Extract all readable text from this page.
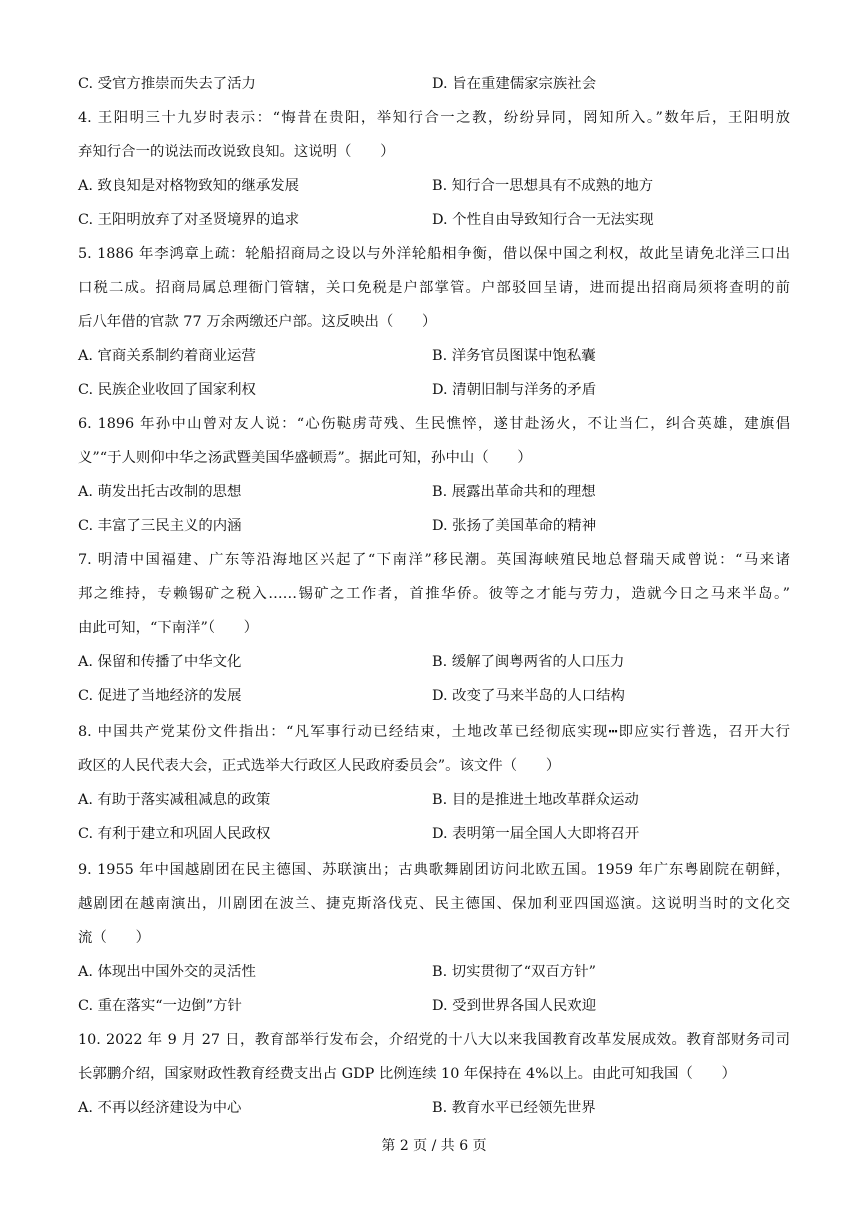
C. 受官方推崇而失去了活力	D. 旨在重建儒家宗族社会
4. 王阳明三十九岁时表示：“悔昔在贵阳，举知行合一之教，纷纷异同，罔知所入。”数年后，王阳明放
弃知行合一的说法而改说致良知。这说明（　　）
A. 致良知是对格物致知的继承发展	B. 知行合一思想具有不成熟的地方
C. 王阳明放弃了对圣贤境界的追求	D. 个性自由导致知行合一无法实现
5. 1886 年李鸿章上疏：轮船招商局之设以与外洋轮船相争衡，借以保中国之利权，故此呈请免北洋三口出
口税二成。招商局属总理衙门管辖，关口免税是户部掌管。户部驳回呈请，进而提出招商局须将查明的前
后八年借的官款 77 万余两缴还户部。这反映出（　　）
A. 官商关系制约着商业运营	B. 洋务官员图谋中饱私囊
C. 民族企业收回了国家利权	D. 清朝旧制与洋务的矛盾
6. 1896 年孙中山曾对友人说：“心伤鞑虏苛残、生民憔悴，遂甘赴汤火，不让当仁，纠合英雄，建旗倡
义”“于人则仰中华之汤武暨美国华盛顿焉”。据此可知，孙中山（　　）
A. 萌发出托古改制的思想	B. 展露出革命共和的理想
C. 丰富了三民主义的内涵	D. 张扬了美国革命的精神
7. 明清中国福建、广东等沿海地区兴起了“下南洋”移民潮。英国海峡殖民地总督瑞天咸曾说：“马来诸
邦之维持，专赖锡矿之税入……锡矿之工作者，首推华侨。彼等之才能与劳力，造就今日之马来半岛。”
由此可知，“下南洋”（　　）
A. 保留和传播了中华文化	B. 缓解了闽粤两省的人口压力
C. 促进了当地经济的发展	D. 改变了马来半岛的人口结构
8. 中国共产党某份文件指出：“凡军事行动已经结束，土地改革已经彻底实现┅即应实行普选，召开大行
政区的人民代表大会，正式选举大行政区人民政府委员会”。该文件（　　）
A. 有助于落实减租减息的政策	B. 目的是推进土地改革群众运动
C. 有利于建立和巩固人民政权	D. 表明第一届全国人大即将召开
9. 1955 年中国越剧团在民主德国、苏联演出；古典歌舞剧团访问北欧五国。1959 年广东粤剧院在朝鲜，
越剧团在越南演出，川剧团在波兰、捷克斯洛伐克、民主德国、保加利亚四国巡演。这说明当时的文化交
流（　　）
A. 体现出中国外交的灵活性	B. 切实贯彻了“双百方针”
C. 重在落实“一边倒”方针	D. 受到世界各国人民欢迎
10. 2022 年 9 月 27 日，教育部举行发布会，介绍党的十八大以来我国教育改革发展成效。教育部财务司司
长郭鹏介绍，国家财政性教育经费支出占 GDP 比例连续 10 年保持在 4%以上。由此可知我国（　　）
A. 不再以经济建设为中心	B. 教育水平已经领先世界
第 2 页 / 共 6 页
